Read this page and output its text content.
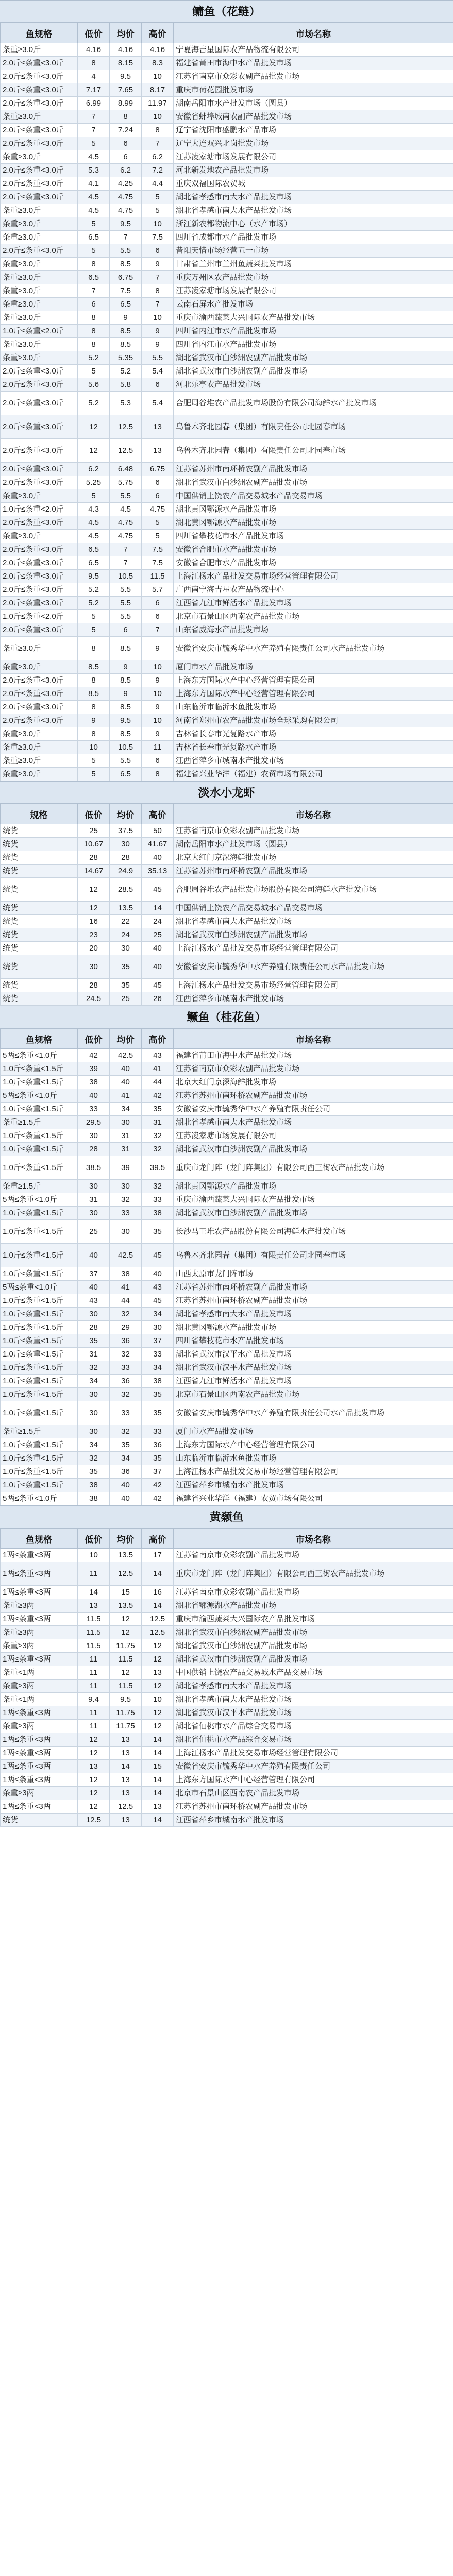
鳙鱼（花鲢）
鱼规格	低价	均价	高价	市场名称
条重≥3.0斤	4.16	4.16	4.16	宁夏海吉星国际农产品物流有限公司
2.0斤≤条重<3.0斤	8	8.15	8.3	福建省莆田市海中水产品批发市场
2.0斤≤条重<3.0斤	4	9.5	10	江苏省南京市众彩农副产品批发市场
2.0斤≤条重<3.0斤	7.17	7.65	8.17	重庆市荷花园批发市场
2.0斤≤条重<3.0斤	6.99	8.99	11.97	湖南岳阳市水产批发市场（圆县）
条重≥3.0斤	7	8	10	安徽省蚌埠城南农副产品批发市场
2.0斤≤条重<3.0斤	7	7.24	8	辽宁省沈阳市盛鹏水产品市场
2.0斤≤条重<3.0斤	5	6	7	辽宁大连双兴北岗批发市场
条重≥3.0斤	4.5	6	6.2	江苏凌家塘市场发展有限公司
2.0斤≤条重<3.0斤	5.3	6.2	7.2	河北新发地农产品批发市场
2.0斤≤条重<3.0斤	4.1	4.25	4.4	重庆双福国际农贸城
2.0斤≤条重<3.0斤	4.5	4.75	5	湖北省孝感市南大水产品批发市场
条重≥3.0斤	4.5	4.75	5	湖北省孝感市南大水产品批发市场
条重≥3.0斤	5	9.5	10	浙江新农都物流中心（水产市场）
条重≥3.0斤	6.5	7	7.5	四川省成都市水产品批发市场
2.0斤≤条重<3.0斤	5	5.5	6	昔阳天惜市场经营五一市场
条重≥3.0斤	8	8.5	9	甘肃省兰州市兰州鱼蔬菜批发市场
条重≥3.0斤	6.5	6.75	7	重庆万州区农产品批发市场
条重≥3.0斤	7	7.5	8	江苏凌家塘市场发展有限公司
条重≥3.0斤	6	6.5	7	云南石屏水产批发市场
条重≥3.0斤	8	9	10	重庆市渝西蔬菜大兴国际农产品批发市场
1.0斤≤条重<2.0斤	8	8.5	9	四川省内江市水产品批发市场
条重≥3.0斤	8	8.5	9	四川省内江市水产品批发市场
条重≥3.0斤	5.2	5.35	5.5	湖北省武汉市白沙洲农副产品批发市场
2.0斤≤条重<3.0斤	5	5.2	5.4	湖北省武汉市白沙洲农副产品批发市场
2.0斤≤条重<3.0斤	5.6	5.8	6	河北乐亭农产品批发市场
2.0斤≤条重<3.0斤	5.2	5.3	5.4	合肥周谷堆农产品批发市场股份有限公司海鲜水产批发市场
2.0斤≤条重<3.0斤	12	12.5	13	乌鲁木齐北园春（集团）有限责任公司北园春市场
2.0斤≤条重<3.0斤	12	12.5	13	乌鲁木齐北园春（集团）有限责任公司北园春市场
2.0斤≤条重<3.0斤	6.2	6.48	6.75	江苏省苏州市南环桥农副产品批发市场
2.0斤≤条重<3.0斤	5.25	5.75	6	湖北省武汉市白沙洲农副产品批发市场
条重≥3.0斤	5	5.5	6	中国供销上饶农产品交易城水产品交易市场
1.0斤≤条重<2.0斤	4.3	4.5	4.75	湖北黄冈鄂源水产品批发市场
2.0斤≤条重<3.0斤	4.5	4.75	5	湖北黄冈鄂源水产品批发市场
条重≥3.0斤	4.5	4.75	5	四川省攀枝花市水产品批发市场
2.0斤≤条重<3.0斤	6.5	7	7.5	安徽省合肥市水产品批发市场
2.0斤≤条重<3.0斤	6.5	7	7.5	安徽省合肥市水产品批发市场
2.0斤≤条重<3.0斤	9.5	10.5	11.5	上海江杨水产品批发交易市场经营管理有限公司
2.0斤≤条重<3.0斤	5.2	5.5	5.7	广西南宁海吉星农产品物流中心
2.0斤≤条重<3.0斤	5.2	5.5	6	江西省九江市鲜活水产品批发市场
1.0斤≤条重<2.0斤	5	5.5	6	北京市石景山区西南农产品批发市场
2.0斤≤条重<3.0斤	5	6	7	山东省威海水产品批发市场
条重≥3.0斤	8	8.5	9	安徽省安庆市毓秀华中水产养殖有限责任公司水产品批发市场
条重≥3.0斤	8.5	9	10	厦门市水产品批发市场
2.0斤≤条重<3.0斤	8	8.5	9	上海东方国际水产中心经营管理有限公司
2.0斤≤条重<3.0斤	8.5	9	10	上海东方国际水产中心经营管理有限公司
2.0斤≤条重<3.0斤	8	8.5	9	山东临沂市临沂水鱼批发市场
2.0斤≤条重<3.0斤	9	9.5	10	河南省郑州市农产品批发市场全球采购有限公司
条重≥3.0斤	8	8.5	9	吉林省长春市光复路水产市场
条重≥3.0斤	10	10.5	11	吉林省长春市光复路水产市场
条重≥3.0斤	5	5.5	6	江西省萍乡市城南水产批发市场
条重≥3.0斤	5	6.5	8	福建省兴业华洋（福建）农贸市场有限公司
淡水小龙虾
规格	低价	均价	高价	市场名称
统货	25	37.5	50	江苏省南京市众彩农副产品批发市场
统货	10.67	30	41.67	湖南岳阳市水产批发市场（圆县）
统货	28	28	40	北京大红门京深海鲜批发市场
统货	14.67	24.9	35.13	江苏省苏州市南环桥农副产品批发市场
统货	12	28.5	45	合肥周谷堆农产品批发市场股份有限公司海鲜水产批发市场
统货	12	13.5	14	中国供销上饶农产品交易城水产品交易市场
统货	16	22	24	湖北省孝感市南大水产品批发市场
统货	23	24	25	湖北省武汉市白沙洲农副产品批发市场
统货	20	30	40	上海江杨水产品批发交易市场经营管理有限公司
统货	30	35	40	安徽省安庆市毓秀华中水产养殖有限责任公司水产品批发市场
统货	28	35	45	上海江杨水产品批发交易市场经营管理有限公司
统货	24.5	25	26	江西省萍乡市城南水产批发市场
鳜鱼（桂花鱼）
鱼规格	低价	均价	高价	市场名称
5两≤条重<1.0斤	42	42.5	43	福建省莆田市海中水产品批发市场
1.0斤≤条重<1.5斤	39	40	41	江苏省南京市众彩农副产品批发市场
1.0斤≤条重<1.5斤	38	40	44	北京大红门京深海鲜批发市场
5两≤条重<1.0斤	40	41	42	江苏省苏州市南环桥农副产品批发市场
1.0斤≤条重<1.5斤	33	34	35	安徽省安庆市毓秀华中水产养殖有限责任公司
条重≥1.5斤	29.5	30	31	湖北省孝感市南大水产品批发市场
1.0斤≤条重<1.5斤	30	31	32	江苏凌家塘市场发展有限公司
1.0斤≤条重<1.5斤	28	31	32	湖北省武汉市白沙洲农副产品批发市场
1.0斤≤条重<1.5斤	38.5	39	39.5	重庆市龙门阵（龙门阵集团）有限公司西三街农产品批发市场
条重≥1.5斤	30	30	32	湖北黄冈鄂源水产品批发市场
5两≤条重<1.0斤	31	32	33	重庆市渝西蔬菜大兴国际农产品批发市场
1.0斤≤条重<1.5斤	30	33	38	湖北省武汉市白沙洲农副产品批发市场
1.0斤≤条重<1.5斤	25	30	35	长沙马王堆农产品股份有限公司海鲜水产批发市场
1.0斤≤条重<1.5斤	40	42.5	45	乌鲁木齐北园春（集团）有限责任公司北园春市场
1.0斤≤条重<1.5斤	37	38	40	山西太原市龙门阵市场
5两≤条重<1.0斤	40	41	43	江苏省苏州市南环桥农副产品批发市场
1.0斤≤条重<1.5斤	43	44	45	江苏省苏州市南环桥农副产品批发市场
1.0斤≤条重<1.5斤	30	32	34	湖北省孝感市南大水产品批发市场
1.0斤≤条重<1.5斤	28	29	30	湖北黄冈鄂源水产品批发市场
1.0斤≤条重<1.5斤	35	36	37	四川省攀枝花市水产品批发市场
1.0斤≤条重<1.5斤	31	32	33	湖北省武汉市汉平水产品批发市场
1.0斤≤条重<1.5斤	32	33	34	湖北省武汉市汉平水产品批发市场
1.0斤≤条重<1.5斤	34	36	38	江西省九江市鲜活水产品批发市场
1.0斤≤条重<1.5斤	30	32	35	北京市石景山区西南农产品批发市场
1.0斤≤条重<1.5斤	30	33	35	安徽省安庆市毓秀华中水产养殖有限责任公司水产品批发市场
条重≥1.5斤	30	32	33	厦门市水产品批发市场
1.0斤≤条重<1.5斤	34	35	36	上海东方国际水产中心经营管理有限公司
1.0斤≤条重<1.5斤	32	34	35	山东临沂市临沂水鱼批发市场
1.0斤≤条重<1.5斤	35	36	37	上海江杨水产品批发交易市场经营管理有限公司
1.0斤≤条重<1.5斤	38	40	42	江西省萍乡市城南水产批发市场
5两≤条重<1.0斤	38	40	42	福建省兴业华洋（福建）农贸市场有限公司
黄颡鱼
鱼规格	低价	均价	高价	市场名称
1两≤条重<3两	10	13.5	17	江苏省南京市众彩农副产品批发市场
1两≤条重<3两	11	12.5	14	重庆市龙门阵（龙门阵集团）有限公司西三街农产品批发市场
1两≤条重<3两	14	15	16	江苏省南京市众彩农副产品批发市场
条重≥3两	13	13.5	14	湖北省鄂源湖水产品批发市场
1两≤条重<3两	11.5	12	12.5	重庆市渝西蔬菜大兴国际农产品批发市场
条重≥3两	11.5	12	12.5	湖北省武汉市白沙洲农副产品批发市场
条重≥3两	11.5	11.75	12	湖北省武汉市白沙洲农副产品批发市场
1两≤条重<3两	11	11.5	12	湖北省武汉市白沙洲农副产品批发市场
条重<1两	11	12	13	中国供销上饶农产品交易城水产品交易市场
条重≥3两	11	11.5	12	湖北省孝感市南大水产品批发市场
条重<1两	9.4	9.5	10	湖北省孝感市南大水产品批发市场
1两≤条重<3两	11	11.75	12	湖北省武汉市汉平水产品批发市场
条重≥3两	11	11.75	12	湖北省仙桃市水产品综合交易市场
1两≤条重<3两	12	13	14	湖北省仙桃市水产品综合交易市场
1两≤条重<3两	12	13	14	上海江杨水产品批发交易市场经营管理有限公司
1两≤条重<3两	13	14	15	安徽省安庆市毓秀华中水产养殖有限责任公司
1两≤条重<3两	12	13	14	上海东方国际水产中心经营管理有限公司
条重≥3两	12	13	14	北京市石景山区西南农产品批发市场
1两≤条重<3两	12	12.5	13	江苏省苏州市南环桥农副产品批发市场
统货	12.5	13	14	江西省萍乡市城南水产批发市场
